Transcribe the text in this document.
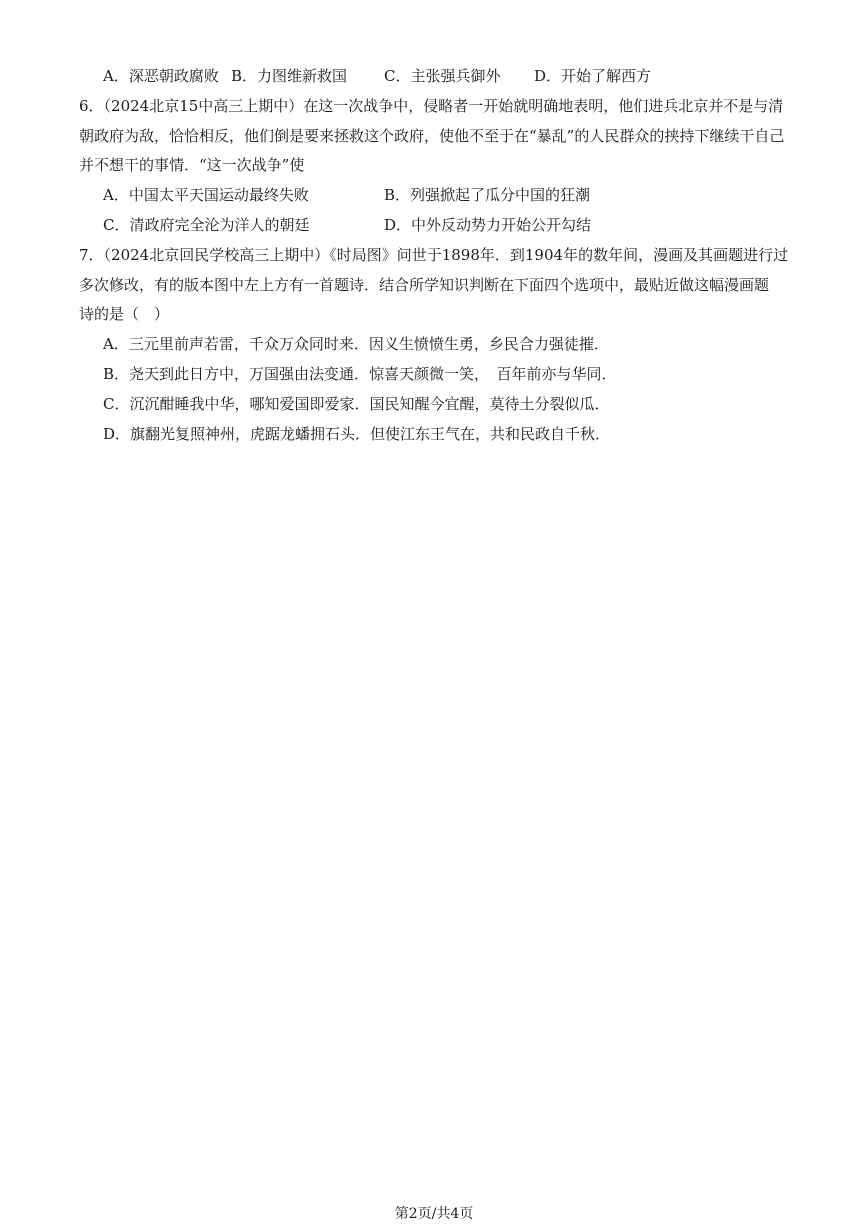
A．深恶朝政腐败 B．力图维新救国 C．主张强兵御外 D．开始了解西方
6．（2024北京15中高三上期中）在这一次战争中，侵略者一开始就明确地表明，他们进兵北京并不是与清
朝政府为敌，恰恰相反，他们倒是要来拯救这个政府，使他不至于在“暴乱”的人民群众的挟持下继续干自己
并不想干的事情．“这一次战争”使
A．中国太平天国运动最终失败	B．列强掀起了瓜分中国的狂潮
C．清政府完全沦为洋人的朝廷	D．中外反动势力开始公开勾结
7．（2024北京回民学校高三上期中）《时局图》问世于1898年．到1904年的数年间，漫画及其画题进行过
多次修改，有的版本图中左上方有一首题诗．结合所学知识判断在下面四个选项中，最贴近做这幅漫画题
诗的是（　）
A．三元里前声若雷，千众万众同时来．因义生愤愤生勇，乡民合力强徒摧．
B．尧天到此日方中，万国强由法变通．惊喜天颜微一笑，　百年前亦与华同．
C．沉沉酣睡我中华，哪知爱国即爱家．国民知醒今宜醒，莫待土分裂似瓜．
D．旗翻光复照神州，虎踞龙蟠拥石头．但使江东王气在，共和民政自千秋．
第2页/共4页
